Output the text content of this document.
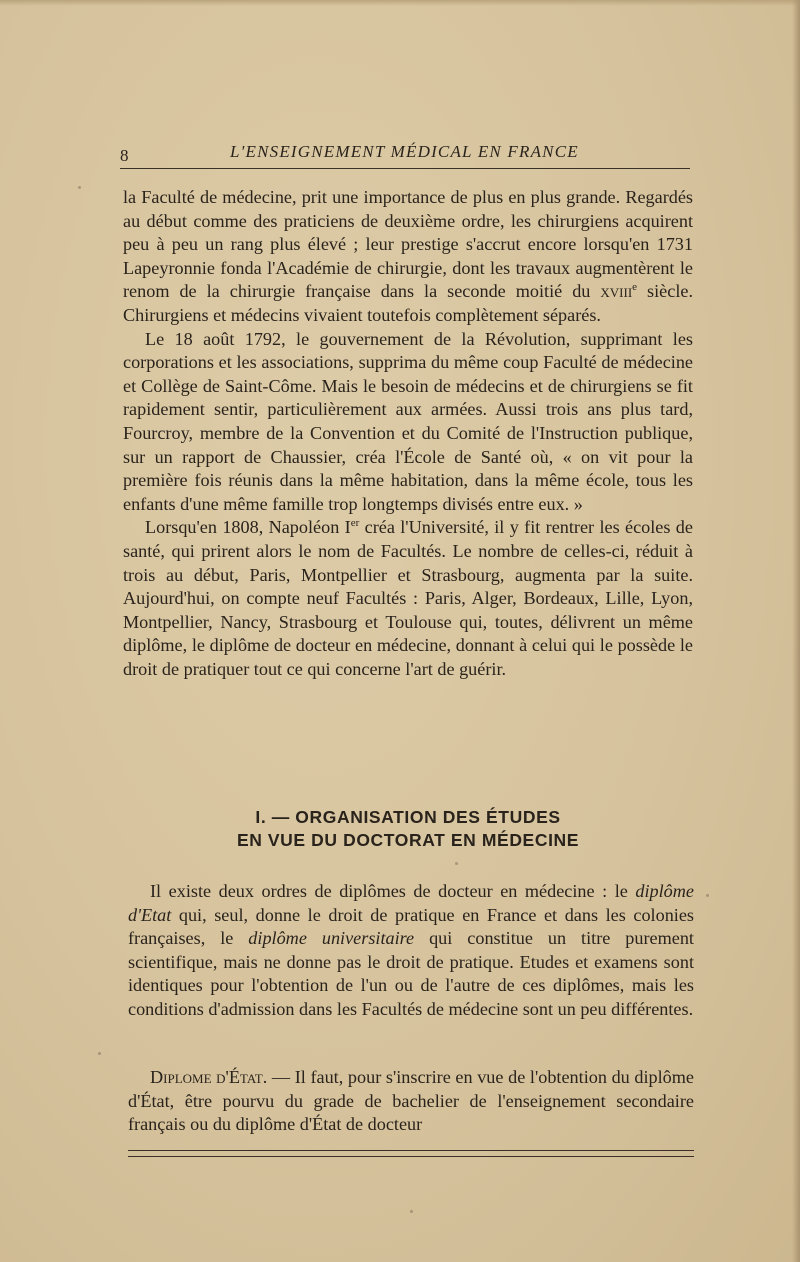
8	L'ENSEIGNEMENT MÉDICAL EN FRANCE

la Faculté de médecine, prit une importance de plus en plus grande. Regardés au début comme des praticiens de deuxième ordre, les chirurgiens acquirent peu à peu un rang plus élevé ; leur prestige s'accrut encore lorsqu'en 1731 Lapeyronnie fonda l'Académie de chirurgie, dont les travaux augmentèrent le renom de la chirurgie française dans la seconde moitié du xviii$^e$ siècle. Chirurgiens et médecins vivaient toutefois complètement séparés.

Le 18 août 1792, le gouvernement de la Révolution, supprimant les corporations et les associations, supprima du même coup Faculté de médecine et Collège de Saint-Côme. Mais le besoin de médecins et de chirurgiens se fit rapidement sentir, particulièrement aux armées. Aussi trois ans plus tard, Fourcroy, membre de la Convention et du Comité de l'Instruction publique, sur un rapport de Chaussier, créa l'École de Santé où, « on vit pour la première fois réunis dans la même habitation, dans la même école, tous les enfants d'une même famille trop longtemps divisés entre eux. »

Lorsqu'en 1808, Napoléon Ier créa l'Université, il y fit rentrer les écoles de santé, qui prirent alors le nom de Facultés. Le nombre de celles-ci, réduit à trois au début, Paris, Montpellier et Strasbourg, augmenta par la suite. Aujourd'hui, on compte neuf Facultés : Paris, Alger, Bordeaux, Lille, Lyon, Montpellier, Nancy, Strasbourg et Toulouse qui, toutes, délivrent un même diplôme, le diplôme de docteur en médecine, donnant à celui qui le possède le droit de pratiquer tout ce qui concerne l'art de guérir.

I. — ORGANISATION DES ÉTUDES
EN VUE DU DOCTORAT EN MÉDECINE

Il existe deux ordres de diplômes de docteur en médecine : le diplôme d'Etat qui, seul, donne le droit de pratique en France et dans les colonies françaises, le diplôme universitaire qui constitue un titre purement scientifique, mais ne donne pas le droit de pratique. Etudes et examens sont identiques pour l'obtention de l'un ou de l'autre de ces diplômes, mais les conditions d'admission dans les Facultés de médecine sont un peu différentes.

Diplome d'État. — Il faut, pour s'inscrire en vue de l'obtention du diplôme d'État, être pourvu du grade de bachelier de l'enseignement secondaire français ou du diplôme d'État de docteur
